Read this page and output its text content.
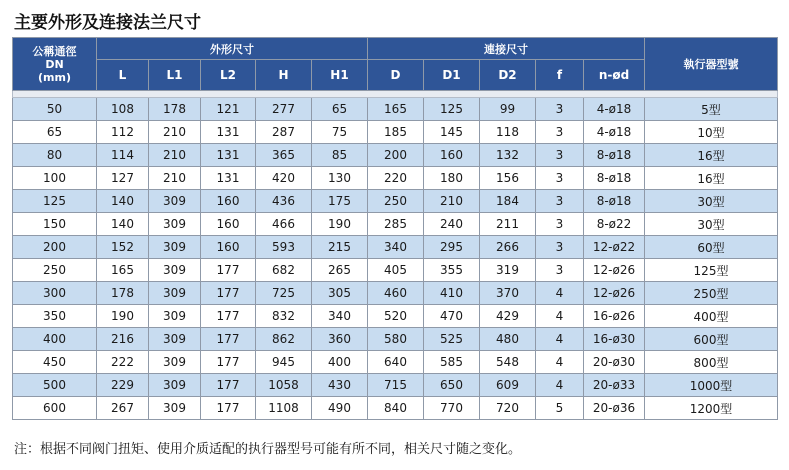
主要外形及连接法兰尺寸
公稱通徑
DN
(mm)	外形尺寸					連接尺寸					執行器型號
	L	L1	L2	H	H1	D	D1	D2	f	n-ød	

50	108	178	121	277	65	165	125	99	3	4-ø18	5型
65	112	210	131	287	75	185	145	118	3	4-ø18	10型
80	114	210	131	365	85	200	160	132	3	8-ø18	16型
100	127	210	131	420	130	220	180	156	3	8-ø18	16型
125	140	309	160	436	175	250	210	184	3	8-ø18	30型
150	140	309	160	466	190	285	240	211	3	8-ø22	30型
200	152	309	160	593	215	340	295	266	3	12-ø22	60型
250	165	309	177	682	265	405	355	319	3	12-ø26	125型
300	178	309	177	725	305	460	410	370	4	12-ø26	250型
350	190	309	177	832	340	520	470	429	4	16-ø26	400型
400	216	309	177	862	360	580	525	480	4	16-ø30	600型
450	222	309	177	945	400	640	585	548	4	20-ø30	800型
500	229	309	177	1058	430	715	650	609	4	20-ø33	1000型
600	267	309	177	1108	490	840	770	720	5	20-ø36	1200型
注：根据不同阀门扭矩、使用介质适配的执行器型号可能有所不同，相关尺寸随之变化。
